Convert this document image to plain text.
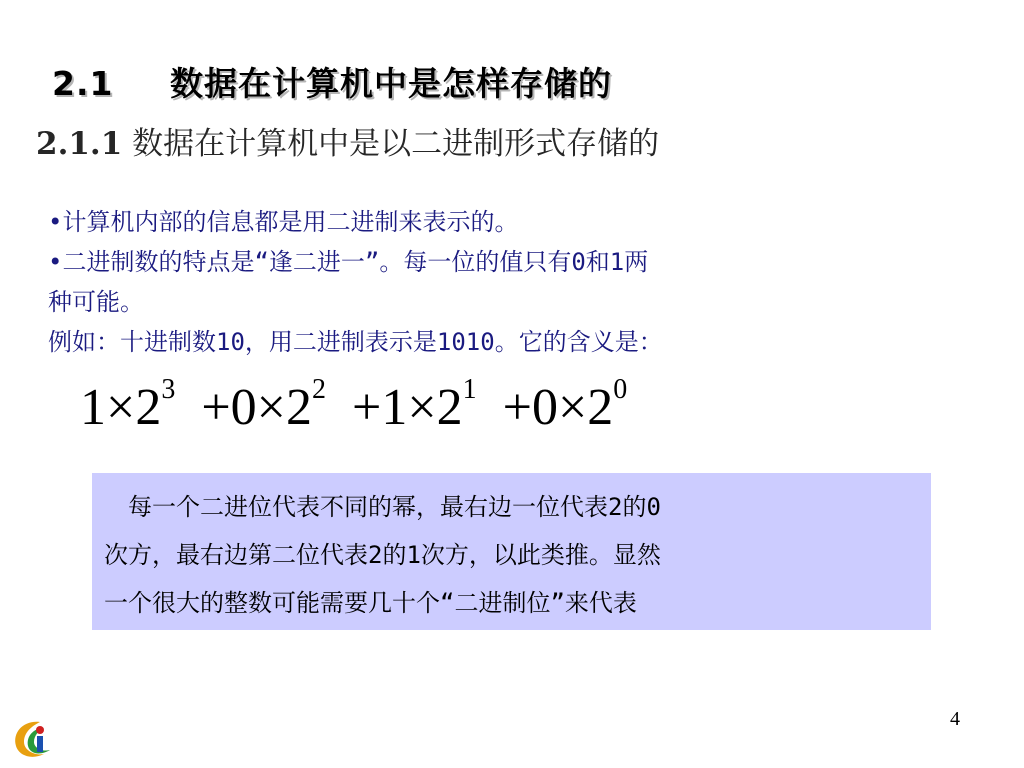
2.1 数据在计算机中是怎样存储的
2.1.1 数据在计算机中是以二进制形式存储的

•计算机内部的信息都是用二进制来表示的。

•二进制数的特点是“逢二进一”。每一位的值只有0和1两

种可能。

例如：十进制数10，用二进制表示是1010。它的含义是：

$1\times 2^3 +0\times 2^2 +1\times 2^1 +0\times 2^0$

　每一个二进位代表不同的幂，最右边一位代表2的0

次方，最右边第二位代表2的1次方，以此类推。显然

一个很大的整数可能需要几十个“二进制位”来代表

4
